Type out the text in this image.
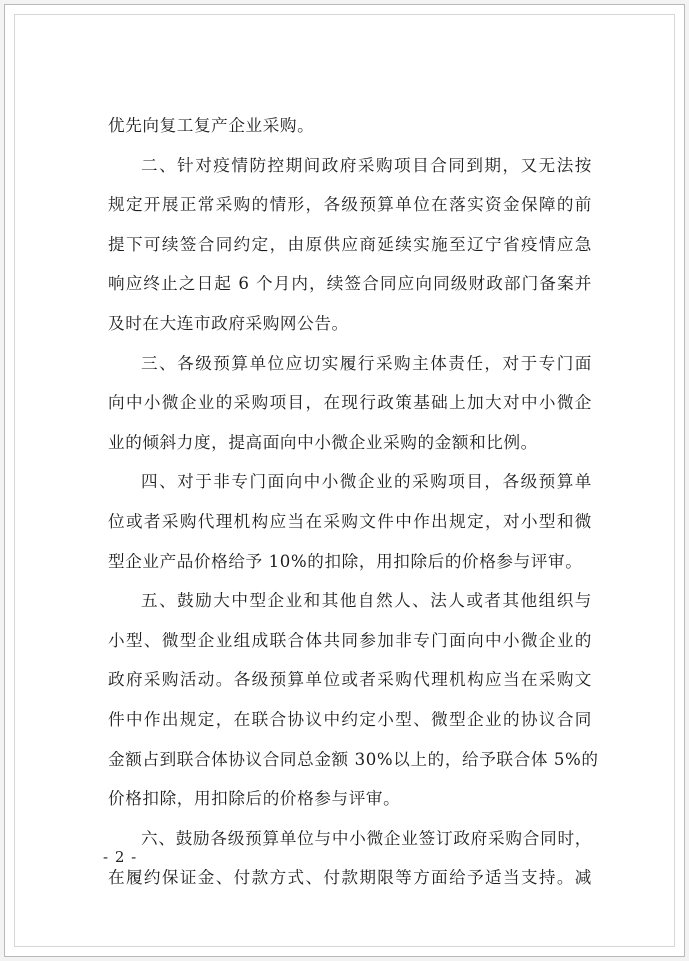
优先向复工复产企业采购。
二、针对疫情防控期间政府采购项目合同到期，又无法按
规定开展正常采购的情形，各级预算单位在落实资金保障的前
提下可续签合同约定，由原供应商延续实施至辽宁省疫情应急
响应终止之日起 6 个月内，续签合同应向同级财政部门备案并
及时在大连市政府采购网公告。
三、各级预算单位应切实履行采购主体责任，对于专门面
向中小微企业的采购项目，在现行政策基础上加大对中小微企
业的倾斜力度，提高面向中小微企业采购的金额和比例。
四、对于非专门面向中小微企业的采购项目，各级预算单
位或者采购代理机构应当在采购文件中作出规定，对小型和微
型企业产品价格给予 10%的扣除，用扣除后的价格参与评审。
五、鼓励大中型企业和其他自然人、法人或者其他组织与
小型、微型企业组成联合体共同参加非专门面向中小微企业的
政府采购活动。各级预算单位或者采购代理机构应当在采购文
件中作出规定，在联合协议中约定小型、微型企业的协议合同
金额占到联合体协议合同总金额 30%以上的，给予联合体 5%的
价格扣除，用扣除后的价格参与评审。
六、鼓励各级预算单位与中小微企业签订政府采购合同时，
在履约保证金、付款方式、付款期限等方面给予适当支持。减
- 2 -
